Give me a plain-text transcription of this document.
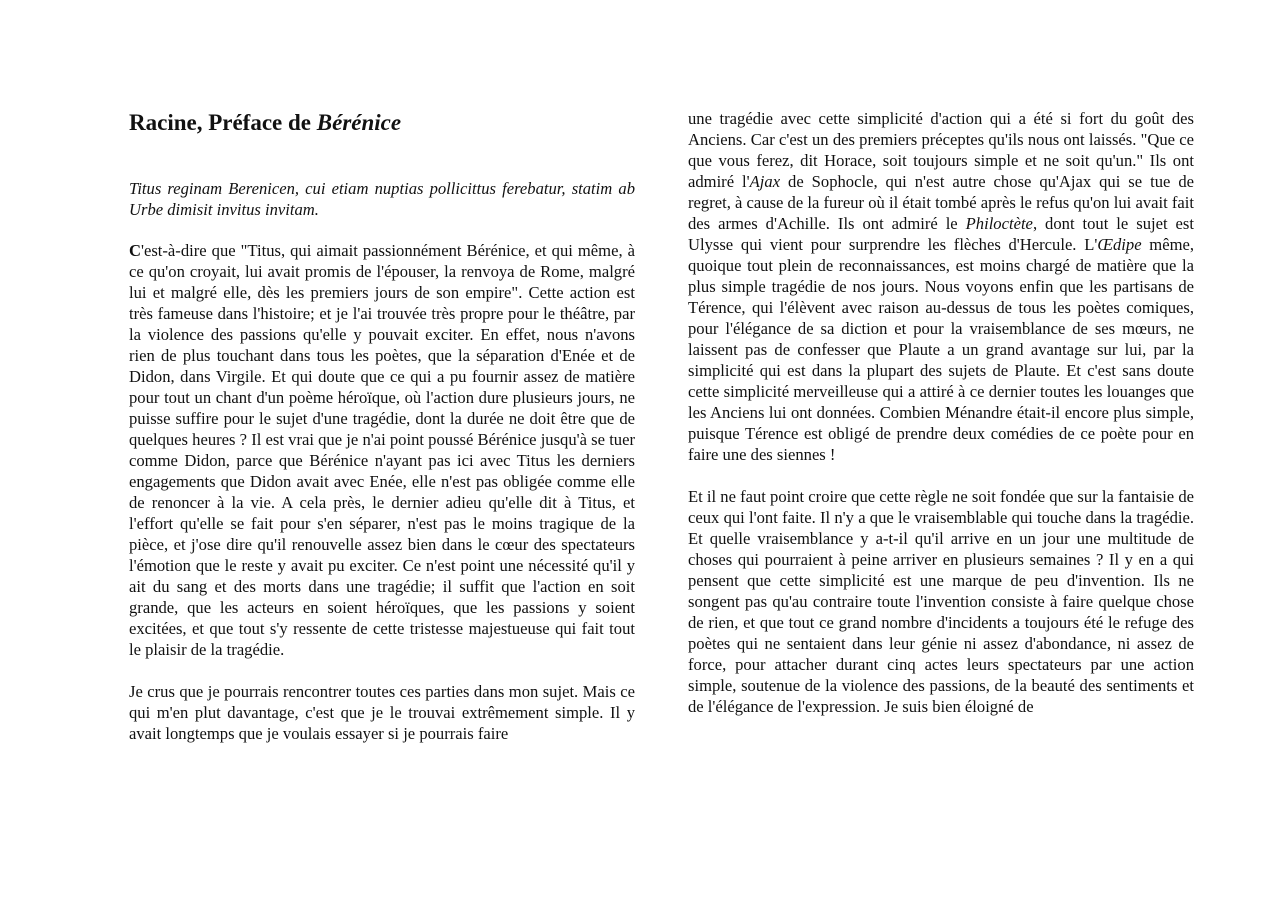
Racine, Préface de Bérénice

Titus reginam Berenicen, cui etiam nuptias pollicittus ferebatur, statim ab Urbe dimisit invitus invitam.

C'est-à-dire que "Titus, qui aimait passionnément Bérénice, et qui même, à ce qu'on croyait, lui avait promis de l'épouser, la renvoya de Rome, malgré lui et malgré elle, dès les premiers jours de son empire". Cette action est très fameuse dans l'histoire; et je l'ai trouvée très propre pour le théâtre, par la violence des passions qu'elle y pouvait exciter. En effet, nous n'avons rien de plus touchant dans tous les poètes, que la séparation d'Enée et de Didon, dans Virgile. Et qui doute que ce qui a pu fournir assez de matière pour tout un chant d'un poème héroïque, où l'action dure plusieurs jours, ne puisse suffire pour le sujet d'une tragédie, dont la durée ne doit être que de quelques heures ? Il est vrai que je n'ai point poussé Bérénice jusqu'à se tuer comme Didon, parce que Bérénice n'ayant pas ici avec Titus les derniers engagements que Didon avait avec Enée, elle n'est pas obligée comme elle de renoncer à la vie. A cela près, le dernier adieu qu'elle dit à Titus, et l'effort qu'elle se fait pour s'en séparer, n'est pas le moins tragique de la pièce, et j'ose dire qu'il renouvelle assez bien dans le cœur des spectateurs l'émotion que le reste y avait pu exciter. Ce n'est point une nécessité qu'il y ait du sang et des morts dans une tragédie; il suffit que l'action en soit grande, que les acteurs en soient héroïques, que les passions y soient excitées, et que tout s'y ressente de cette tristesse majestueuse qui fait tout le plaisir de la tragédie.

Je crus que je pourrais rencontrer toutes ces parties dans mon sujet. Mais ce qui m'en plut davantage, c'est que je le trouvai extrêmement simple. Il y avait longtemps que je voulais essayer si je pourrais faire

une tragédie avec cette simplicité d'action qui a été si fort du goût des Anciens. Car c'est un des premiers préceptes qu'ils nous ont laissés. "Que ce que vous ferez, dit Horace, soit toujours simple et ne soit qu'un." Ils ont admiré l'Ajax de Sophocle, qui n'est autre chose qu'Ajax qui se tue de regret, à cause de la fureur où il était tombé après le refus qu'on lui avait fait des armes d'Achille. Ils ont admiré le Philoctète, dont tout le sujet est Ulysse qui vient pour surprendre les flèches d'Hercule. L'Œdipe même, quoique tout plein de reconnaissances, est moins chargé de matière que la plus simple tragédie de nos jours. Nous voyons enfin que les partisans de Térence, qui l'élèvent avec raison au-dessus de tous les poètes comiques, pour l'élégance de sa diction et pour la vraisemblance de ses mœurs, ne laissent pas de confesser que Plaute a un grand avantage sur lui, par la simplicité qui est dans la plupart des sujets de Plaute. Et c'est sans doute cette simplicité merveilleuse qui a attiré à ce dernier toutes les louanges que les Anciens lui ont données. Combien Ménandre était-il encore plus simple, puisque Térence est obligé de prendre deux comédies de ce poète pour en faire une des siennes !

Et il ne faut point croire que cette règle ne soit fondée que sur la fantaisie de ceux qui l'ont faite. Il n'y a que le vraisemblable qui touche dans la tragédie. Et quelle vraisemblance y a-t-il qu'il arrive en un jour une multitude de choses qui pourraient à peine arriver en plusieurs semaines ? Il y en a qui pensent que cette simplicité est une marque de peu d'invention. Ils ne songent pas qu'au contraire toute l'invention consiste à faire quelque chose de rien, et que tout ce grand nombre d'incidents a toujours été le refuge des poètes qui ne sentaient dans leur génie ni assez d'abondance, ni assez de force, pour attacher durant cinq actes leurs spectateurs par une action simple, soutenue de la violence des passions, de la beauté des sentiments et de l'élégance de l'expression. Je suis bien éloigné de
